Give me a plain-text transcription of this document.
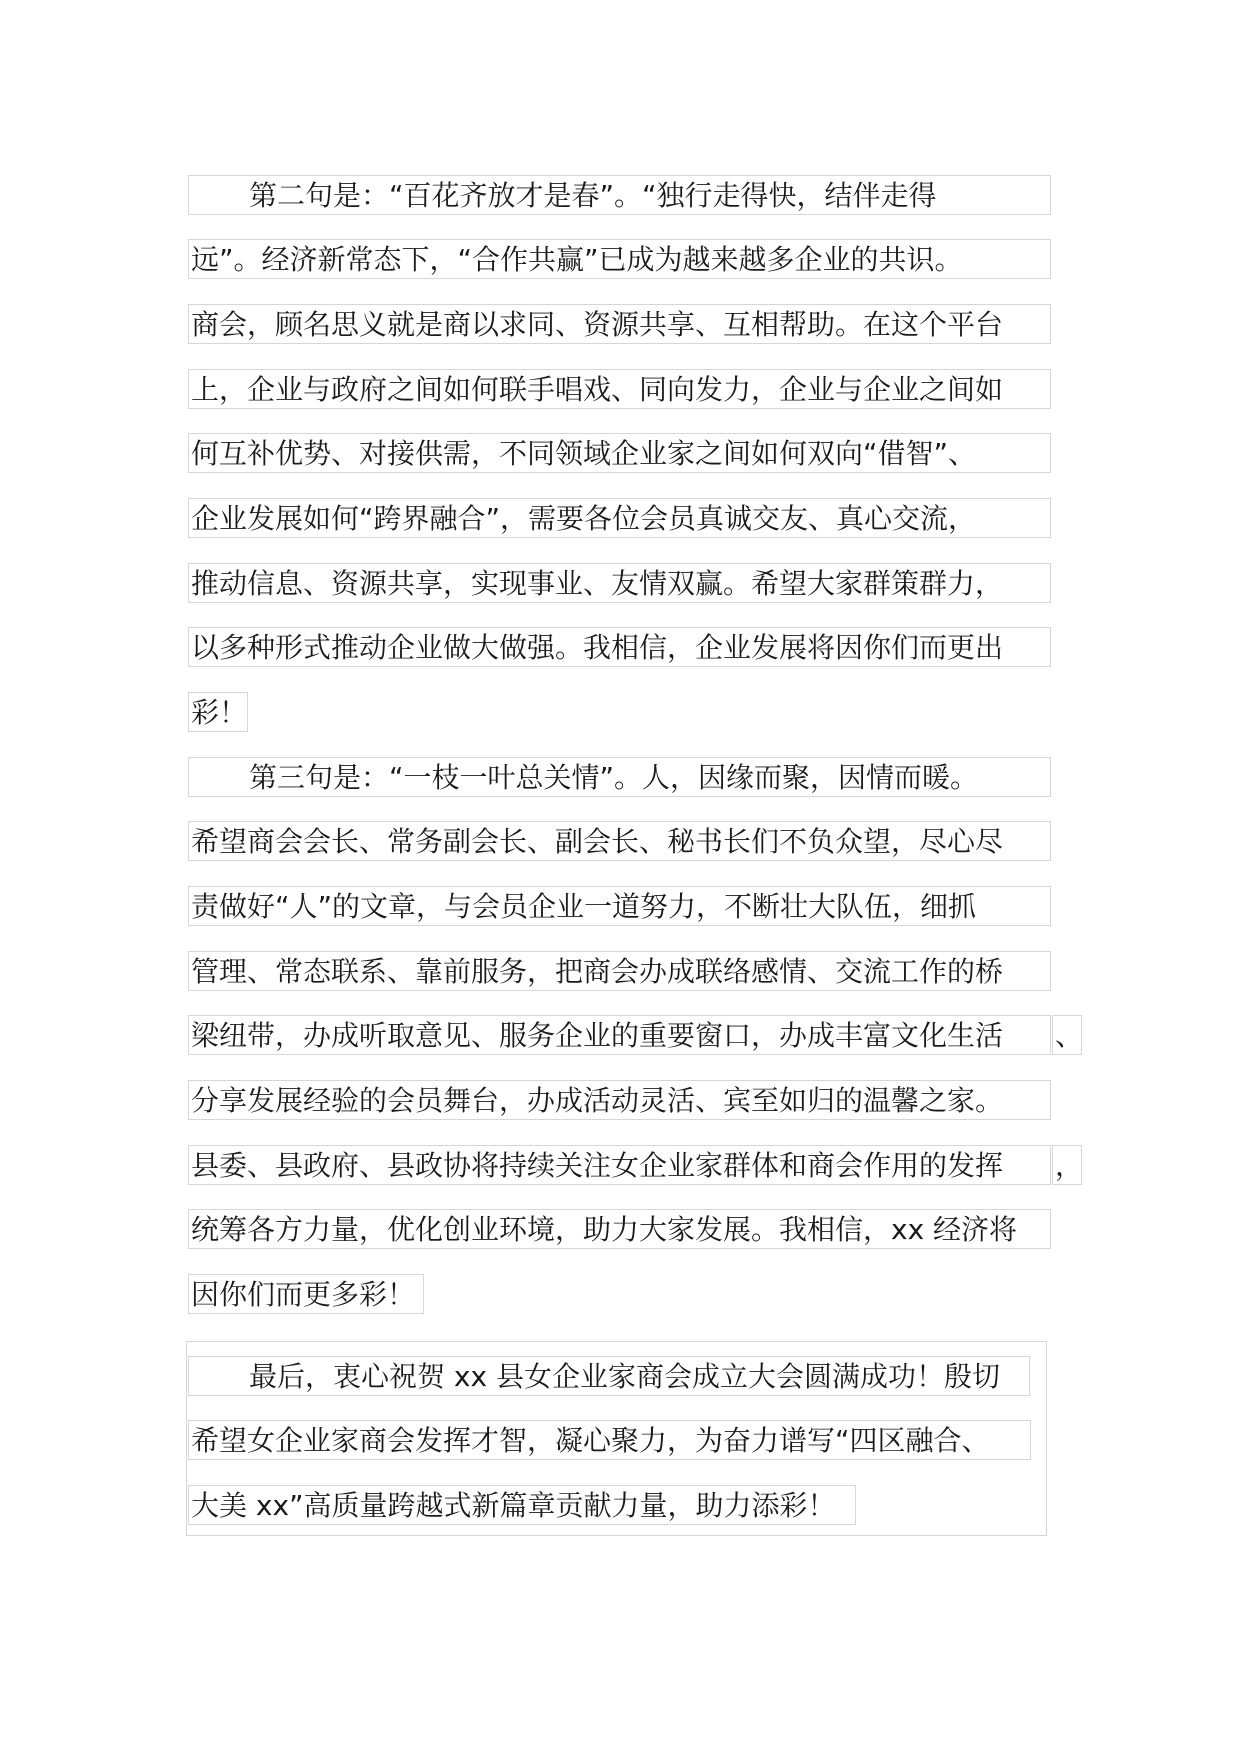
第二句是：“百花齐放才是春”。“独行走得快，结伴走得
远”。经济新常态下，“合作共赢”已成为越来越多企业的共识。
商会，顾名思义就是商以求同、资源共享、互相帮助。在这个平台
上，企业与政府之间如何联手唱戏、同向发力，企业与企业之间如
何互补优势、对接供需，不同领域企业家之间如何双向“借智”、
企业发展如何“跨界融合”，需要各位会员真诚交友、真心交流，
推动信息、资源共享，实现事业、友情双赢。希望大家群策群力，
以多种形式推动企业做大做强。我相信，企业发展将因你们而更出
彩！
第三句是：“一枝一叶总关情”。人，因缘而聚，因情而暖。
希望商会会长、常务副会长、副会长、秘书长们不负众望，尽心尽
责做好“人”的文章，与会员企业一道努力，不断壮大队伍，细抓
管理、常态联系、靠前服务，把商会办成联络感情、交流工作的桥
梁纽带，办成听取意见、服务企业的重要窗口，办成丰富文化生活	、
分享发展经验的会员舞台，办成活动灵活、宾至如归的温馨之家。
县委、县政府、县政协将持续关注女企业家群体和商会作用的发挥	，
统筹各方力量，优化创业环境，助力大家发展。我相信，xx 经济将
因你们而更多彩！
最后，衷心祝贺 xx 县女企业家商会成立大会圆满成功！殷切
希望女企业家商会发挥才智，凝心聚力，为奋力谱写“四区融合、
大美 xx”高质量跨越式新篇章贡献力量，助力添彩！
